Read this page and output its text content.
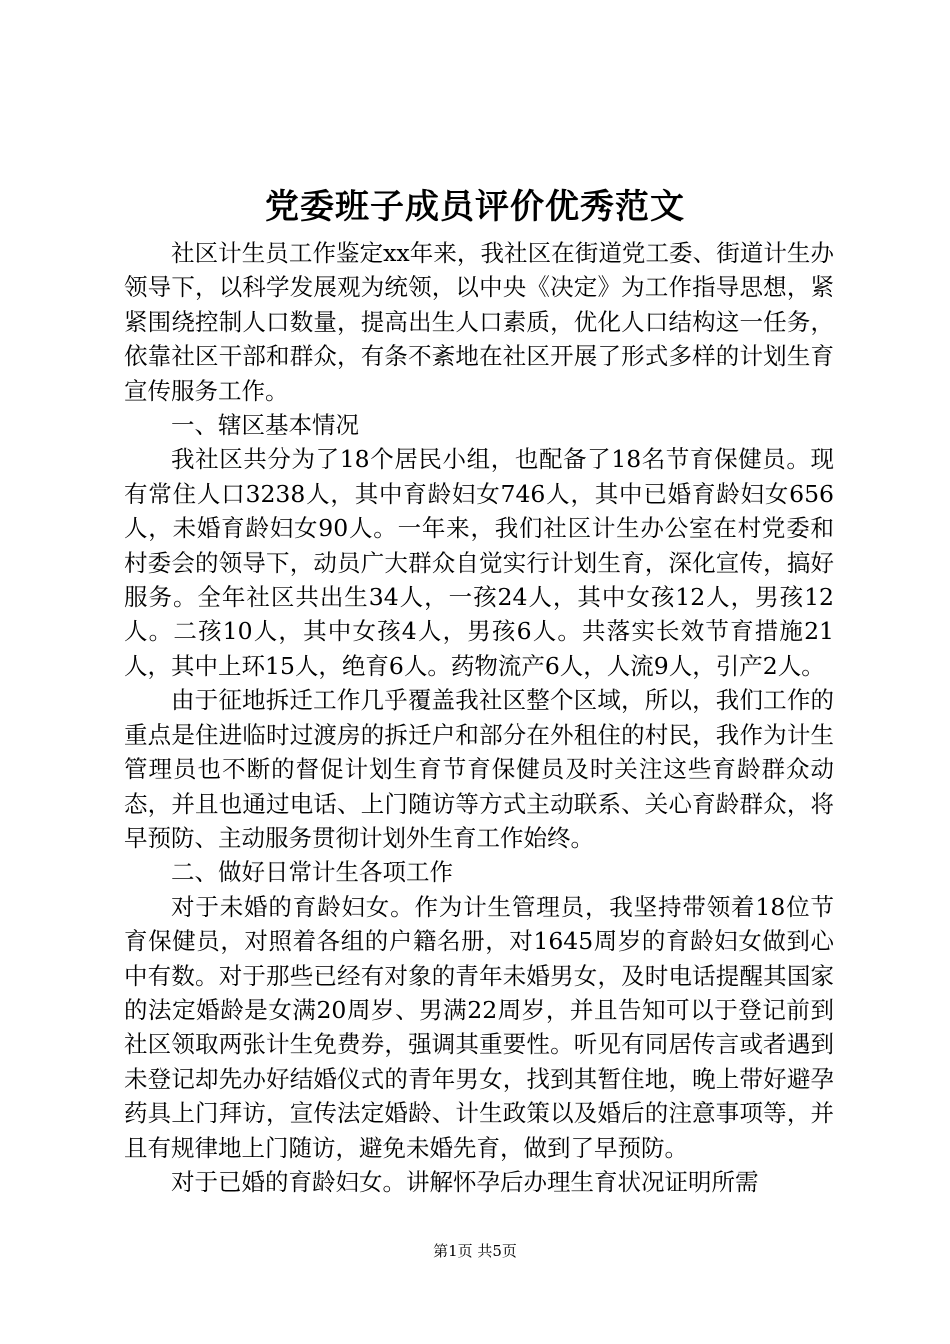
党委班子成员评价优秀范文

社区计生员工作鉴定xx年来，我社区在街道党工委、街道计生办领导下，以科学发展观为统领，以中央《决定》为工作指导思想，紧紧围绕控制人口数量，提高出生人口素质，优化人口结构这一任务，依靠社区干部和群众，有条不紊地在社区开展了形式多样的计划生育宣传服务工作。

一、辖区基本情况

我社区共分为了18个居民小组，也配备了18名节育保健员。现有常住人口3238人，其中育龄妇女746人，其中已婚育龄妇女656人，未婚育龄妇女90人。一年来，我们社区计生办公室在村党委和村委会的领导下，动员广大群众自觉实行计划生育，深化宣传，搞好服务。全年社区共出生34人，一孩24人，其中女孩12人，男孩12人。二孩10人，其中女孩4人，男孩6人。共落实长效节育措施21人，其中上环15人，绝育6人。药物流产6人，人流9人，引产2人。

由于征地拆迁工作几乎覆盖我社区整个区域，所以，我们工作的重点是住进临时过渡房的拆迁户和部分在外租住的村民，我作为计生管理员也不断的督促计划生育节育保健员及时关注这些育龄群众动态，并且也通过电话、上门随访等方式主动联系、关心育龄群众，将早预防、主动服务贯彻计划外生育工作始终。

二、做好日常计生各项工作

对于未婚的育龄妇女。作为计生管理员，我坚持带领着18位节育保健员，对照着各组的户籍名册，对1645周岁的育龄妇女做到心中有数。对于那些已经有对象的青年未婚男女，及时电话提醒其国家的法定婚龄是女满20周岁、男满22周岁，并且告知可以于登记前到社区领取两张计生免费券，强调其重要性。听见有同居传言或者遇到未登记却先办好结婚仪式的青年男女，找到其暂住地，晚上带好避孕药具上门拜访，宣传法定婚龄、计生政策以及婚后的注意事项等，并且有规律地上门随访，避免未婚先育，做到了早预防。

对于已婚的育龄妇女。讲解怀孕后办理生育状况证明所需

第1页 共5页
